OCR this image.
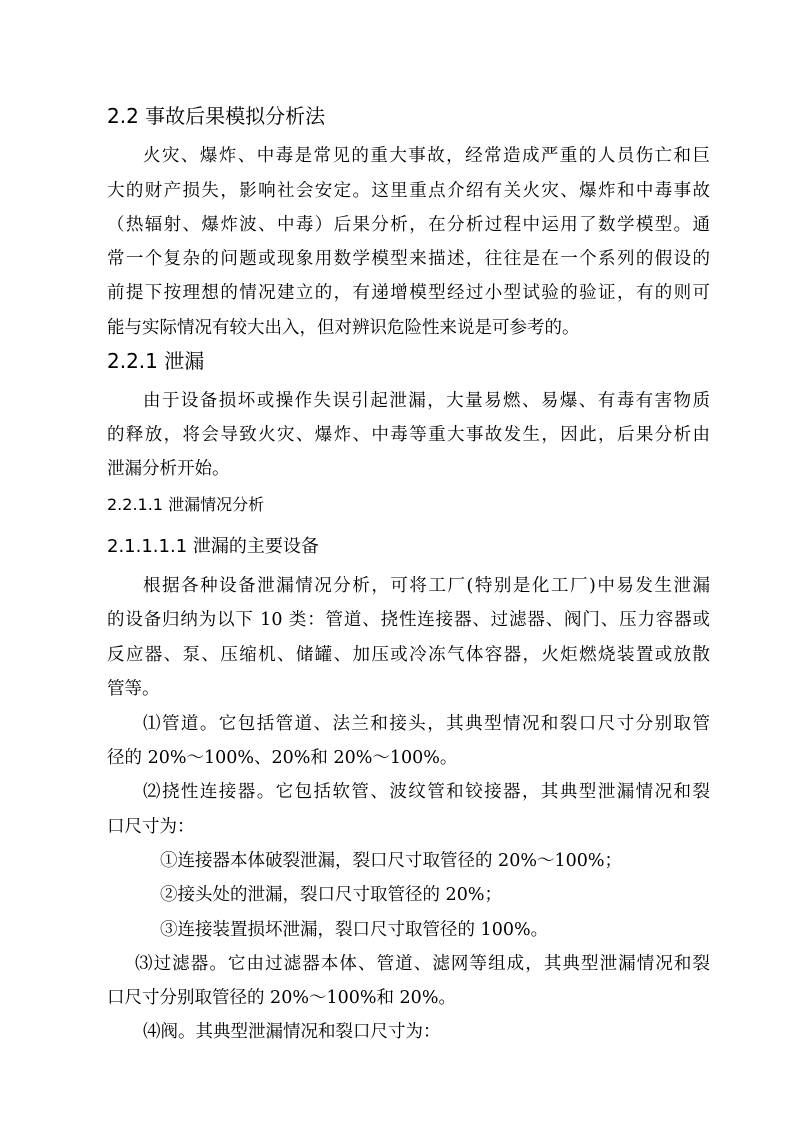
2.2 事故后果模拟分析法
火灾、爆炸、中毒是常见的重大事故，经常造成严重的人员伤亡和巨
大的财产损失，影响社会安定。这里重点介绍有关火灾、爆炸和中毒事故
（热辐射、爆炸波、中毒）后果分析，在分析过程中运用了数学模型。通
常一个复杂的问题或现象用数学模型来描述，往往是在一个系列的假设的
前提下按理想的情况建立的，有递增模型经过小型试验的验证，有的则可
能与实际情况有较大出入，但对辨识危险性来说是可参考的。
2.2.1 泄漏
由于设备损坏或操作失误引起泄漏，大量易燃、易爆、有毒有害物质
的释放，将会导致火灾、爆炸、中毒等重大事故发生，因此，后果分析由
泄漏分析开始。
2.2.1.1 泄漏情况分析
2.1.1.1.1 泄漏的主要设备
根据各种设备泄漏情况分析，可将工厂(特别是化工厂)中易发生泄漏
的设备归纳为以下 10 类：管道、挠性连接器、过滤器、阀门、压力容器或
反应器、泵、压缩机、储罐、加压或冷冻气体容器，火炬燃烧装置或放散
管等。
⑴管道。它包括管道、法兰和接头，其典型情况和裂口尺寸分别取管
径的 20%～100%、20%和 20%～100%。
⑵挠性连接器。它包括软管、波纹管和铰接器，其典型泄漏情况和裂
口尺寸为：
①连接器本体破裂泄漏，裂口尺寸取管径的 20%～100%；
②接头处的泄漏，裂口尺寸取管径的 20%；
③连接装置损坏泄漏，裂口尺寸取管径的 100%。
⑶过滤器。它由过滤器本体、管道、滤网等组成，其典型泄漏情况和裂
口尺寸分别取管径的 20%～100%和 20%。
⑷阀。其典型泄漏情况和裂口尺寸为：
